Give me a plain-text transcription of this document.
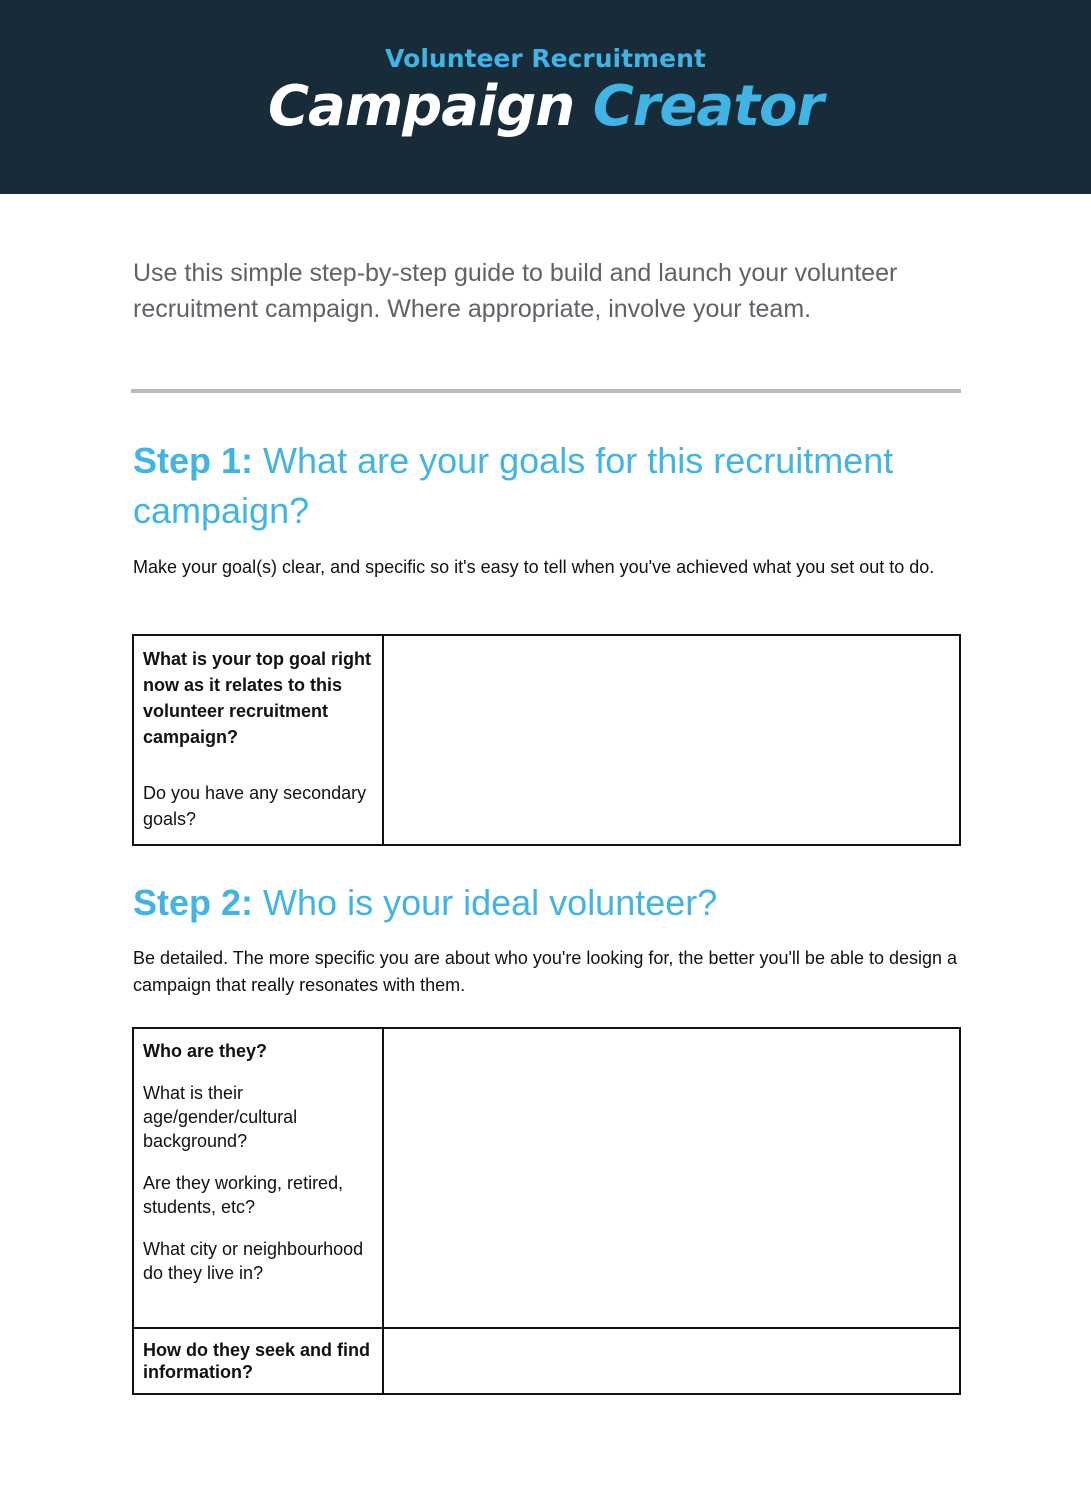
Volunteer Recruitment
Campaign Creator
Use this simple step-by-step guide to build and launch your volunteer recruitment campaign. Where appropriate, involve your team.
Step 1: What are your goals for this recruitment campaign?
Make your goal(s) clear, and specific so it's easy to tell when you've achieved what you set out to do.
What is your top goal right now as it relates to this volunteer recruitment campaign?
Do you have any secondary goals?
Step 2: Who is your ideal volunteer?
Be detailed. The more specific you are about who you're looking for, the better you'll be able to design a campaign that really resonates with them.
Who are they?
What is their age/gender/cultural background?
Are they working, retired, students, etc?
What city or neighbourhood do they live in?
How do they seek and find information?
